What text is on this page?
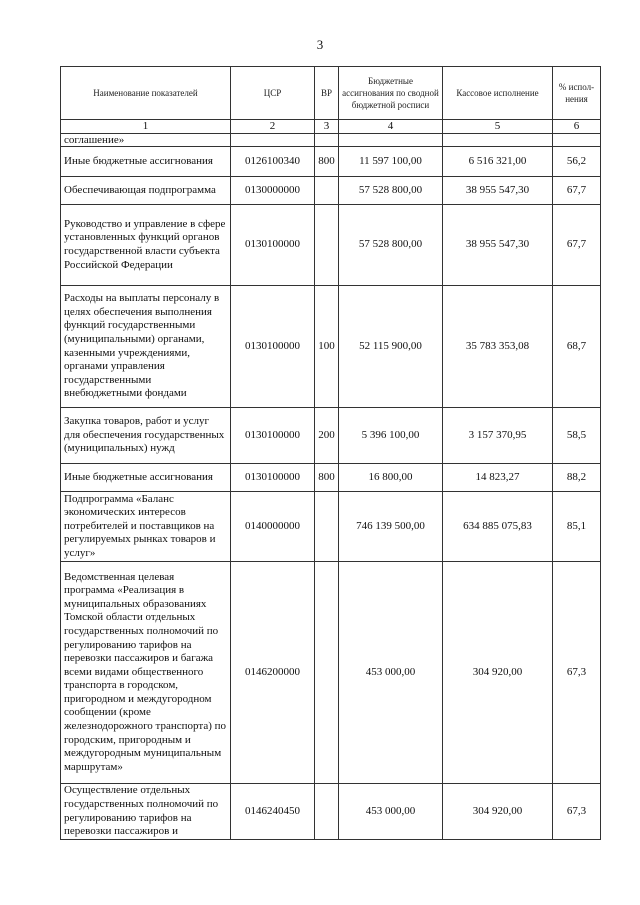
3
Наименование показателей	ЦСР	ВР	Бюджетные ассигнования по сводной бюджетной росписи	Кассовое исполнение	% испол-нения
1	2	3	4	5	6
соглашение»					
Иные бюджетные ассигнования	0126100340	800	11 597 100,00	6 516 321,00	56,2
Обеспечивающая подпрограмма	0130000000		57 528 800,00	38 955 547,30	67,7
Руководство и управление в сфере установленных функций органов государственной власти субъекта Российской Федерации	0130100000		57 528 800,00	38 955 547,30	67,7
Расходы на выплаты персоналу в целях обеспечения выполнения функций государственными (муниципальными) органами, казенными учреждениями, органами управления государственными внебюджетными фондами	0130100000	100	52 115 900,00	35 783 353,08	68,7
Закупка товаров, работ и услуг для обеспечения государственных (муниципальных) нужд	0130100000	200	5 396 100,00	3 157 370,95	58,5
Иные бюджетные ассигнования	0130100000	800	16 800,00	14 823,27	88,2
Подпрограмма «Баланс экономических интересов потребителей и поставщиков на регулируемых рынках товаров и услуг»	0140000000		746 139 500,00	634 885 075,83	85,1
Ведомственная целевая программа «Реализация в муниципальных образованиях Томской области отдельных государственных полномочий по регулированию тарифов на перевозки пассажиров и багажа всеми видами общественного транспорта в городском, пригородном и междугородном сообщении (кроме железнодорожного транспорта) по городским, пригородным и междугородным муниципальным маршрутам»	0146200000		453 000,00	304 920,00	67,3
Осуществление отдельных государственных полномочий по регулированию тарифов на перевозки пассажиров и	0146240450		453 000,00	304 920,00	67,3
